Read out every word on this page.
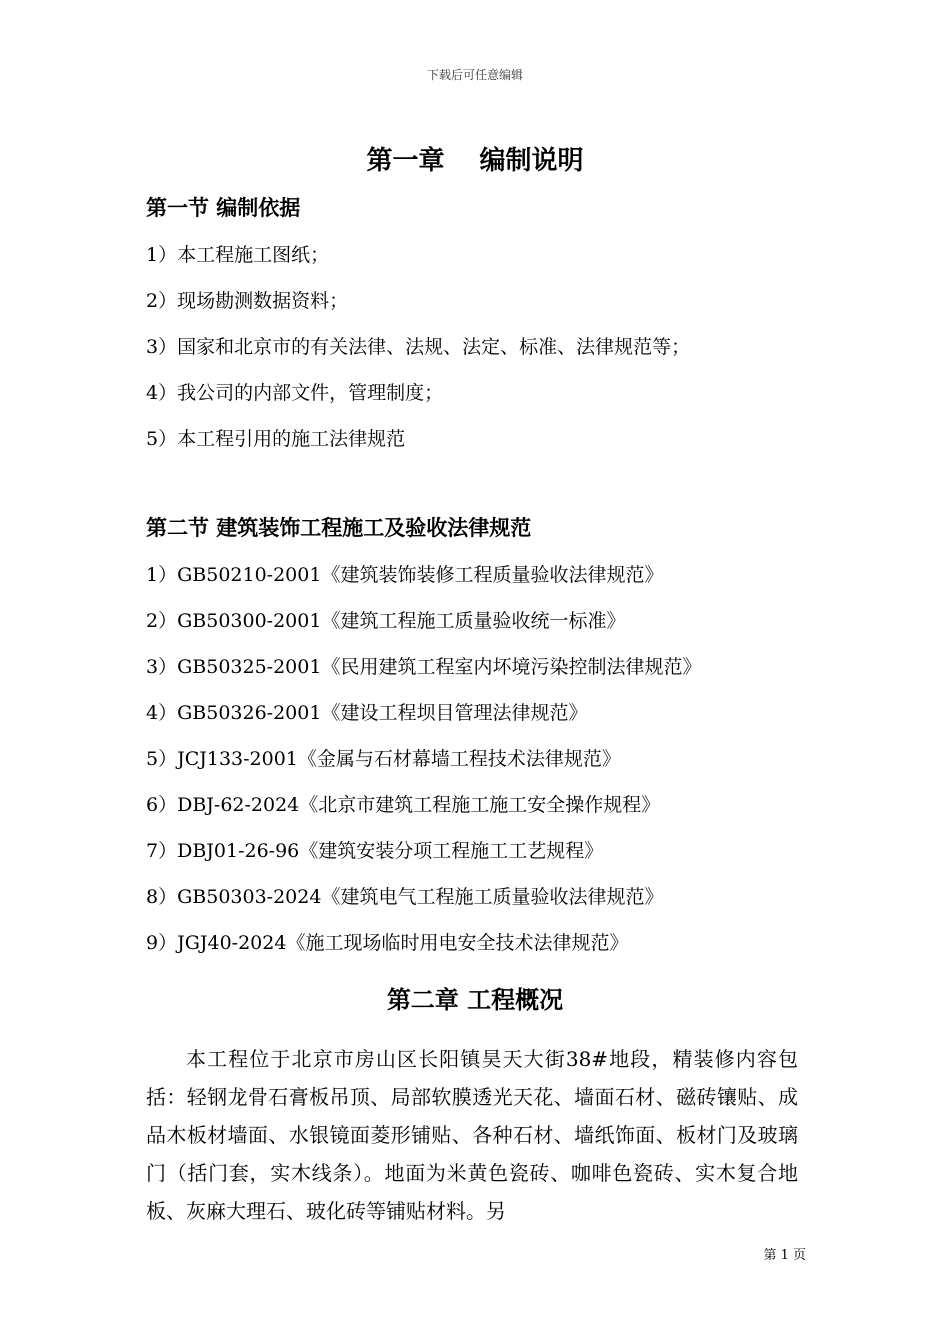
下载后可任意编辑
第一章　 编制说明
第一节 编制依据
1）本工程施工图纸；
2）现场勘测数据资料；
3）国家和北京市的有关法律、法规、法定、标准、法律规范等；
4）我公司的内部文件，管理制度；
5）本工程引用的施工法律规范
第二节 建筑装饰工程施工及验收法律规范
1）GB50210-2001《建筑装饰装修工程质量验收法律规范》
2）GB50300-2001《建筑工程施工质量验收统一标准》
3）GB50325-2001《民用建筑工程室内坏境污染控制法律规范》
4）GB50326-2001《建设工程坝目管理法律规范》
5）JCJ133-2001《金属与石材幕墙工程技术法律规范》
6）DBJ-62-2024《北京市建筑工程施工施工安全操作规程》
7）DBJ01-26-96《建筑安装分项工程施工工艺规程》
8）GB50303-2024《建筑电气工程施工质量验收法律规范》
9）JGJ40-2024《施工现场临时用电安全技术法律规范》
第二章 工程概况

本工程位于北京市房山区长阳镇昊天大街38#地段，精装修内容包括：轻钢龙骨石膏板吊顶、局部软膜透光天花、墙面石材、磁砖镶贴、成品木板材墙面、水银镜面菱形铺贴、各种石材、墙纸饰面、板材门及玻璃门（括门套，实木线条）。地面为米黄色瓷砖、咖啡色瓷砖、实木复合地板、灰麻大理石、玻化砖等铺贴材料。另

第 1 页
